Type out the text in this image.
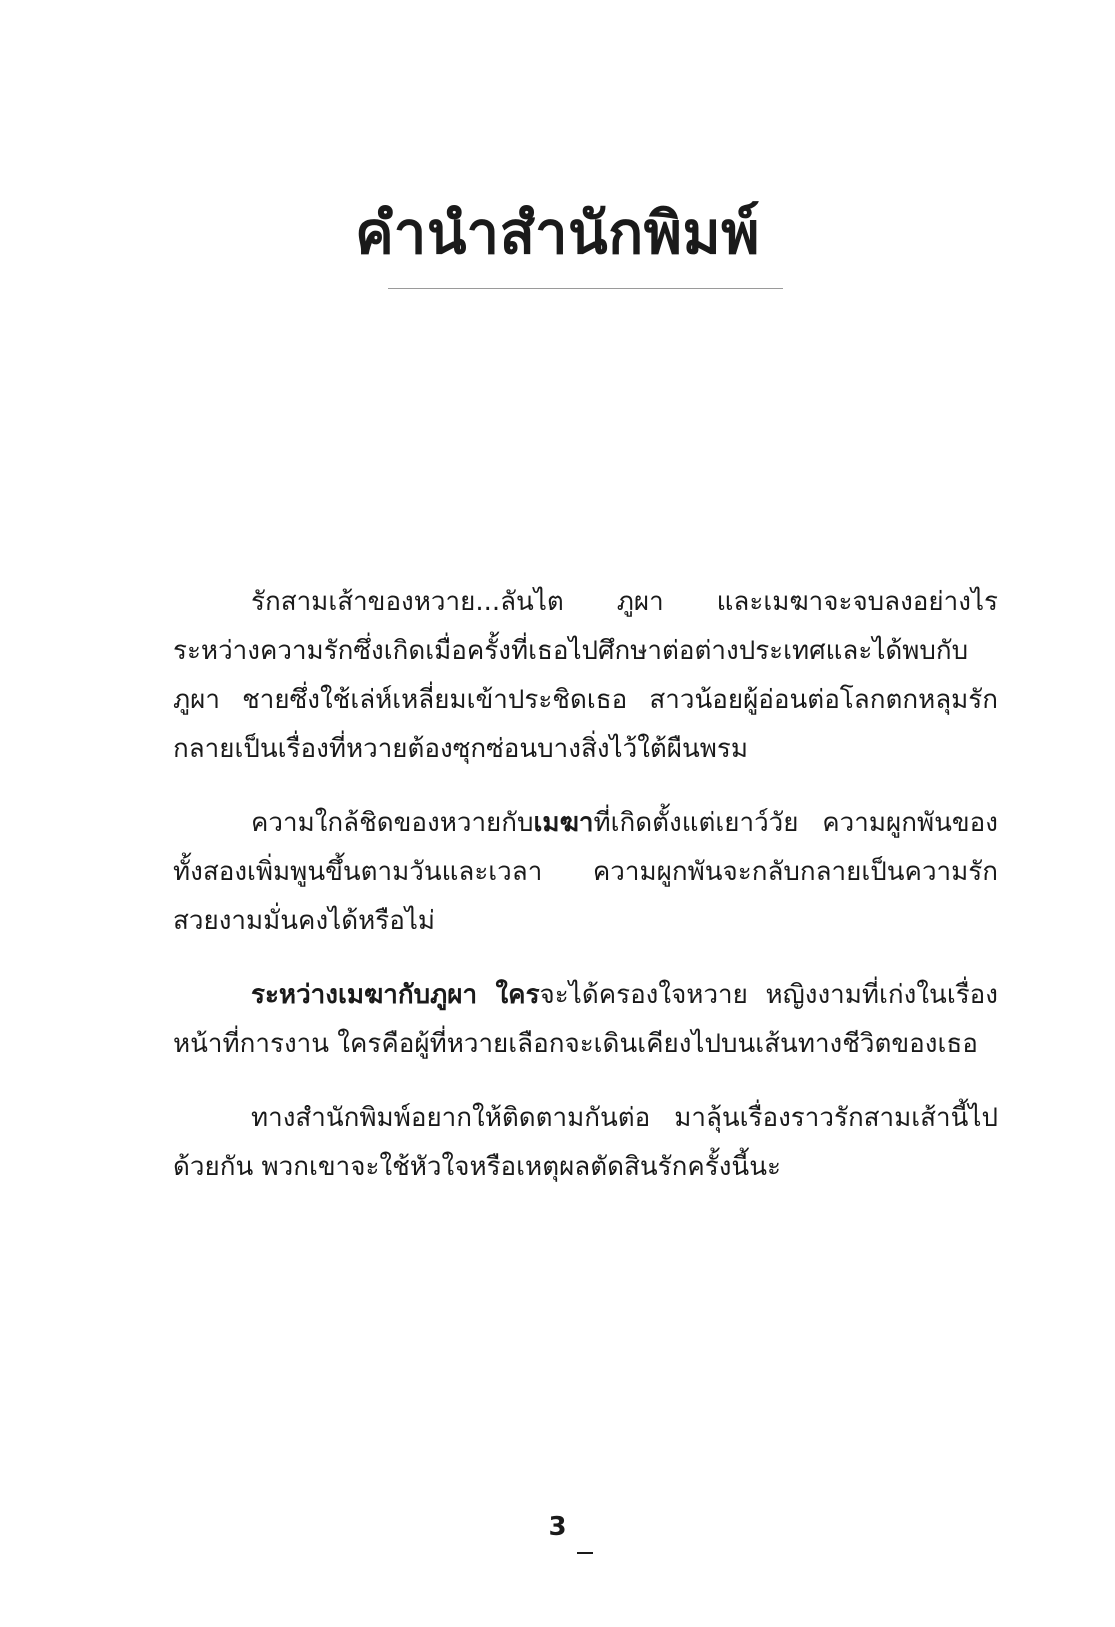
คำนำสำนักพิมพ์

รักสามเส้าของหวาย...ลันไต ภูผา และเมฆาจะจบลงอย่างไร ระหว่างความรักซึ่งเกิดเมื่อครั้งที่เธอไปศึกษาต่อต่างประเทศและได้พบกับภูผา ชายซึ่งใช้เล่ห์เหลี่ยมเข้าประชิดเธอ สาวน้อยผู้อ่อนต่อโลกตกหลุมรัก กลายเป็นเรื่องที่หวายต้องซุกซ่อนบางสิ่งไว้ใต้ผืนพรม

ความใกล้ชิดของหวายกับเมฆาที่เกิดตั้งแต่เยาว์วัย ความผูกพันของทั้งสองเพิ่มพูนขึ้นตามวันและเวลา ความผูกพันจะกลับกลายเป็นความรักสวยงามมั่นคงได้หรือไม่

ระหว่างเมฆากับภูผา ใครจะได้ครองใจหวาย หญิงงามที่เก่งในเรื่องหน้าที่การงาน ใครคือผู้ที่หวายเลือกจะเดินเคียงไปบนเส้นทางชีวิตของเธอ

ทางสำนักพิมพ์อยากให้ติดตามกันต่อ มาลุ้นเรื่องราวรักสามเส้านี้ไปด้วยกัน พวกเขาจะใช้หัวใจหรือเหตุผลตัดสินรักครั้งนี้นะ

3
